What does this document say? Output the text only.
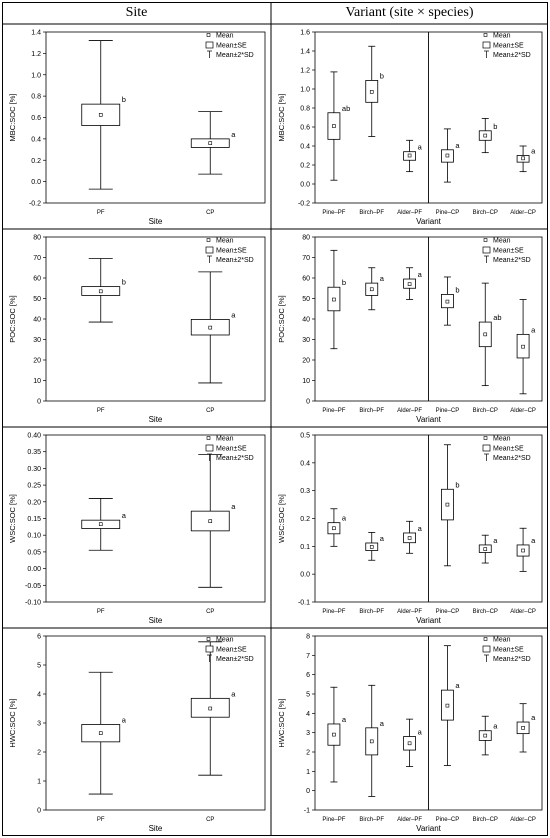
Site	Variant (site × species)
-0.2
0.0
0.2
0.4
0.6
0.8
1.0
1.2
1.4
MBC:SOC [%]	b
PF
a
CP
Site
Mean
Mean±SE
Mean±2*SD
-0.2
0.0
0.2
0.4
0.6
0.8
1.0
1.2
1.4
1.6
MBC:SOC [%]	ab
Pine–PF
b
Birch–PF
a
Alder–PF
a
Pine–CP
b
Birch–CP
a
Alder–CP
Variant
Mean
Mean±SE
Mean±2*SD
0
10
20
30
40
50
60
70
80
POC:SOC [%]
b
PF
a
CP
Site
Mean
Mean±SE
Mean±2*SD
0
10
20
30
40
50
60
70
80
POC:SOC [%]
b
Pine–PF
a
Birch–PF
a
Alder–PF
b
Pine–CP
ab
Birch–CP
a
Alder–CP
Variant
Mean
Mean±SE
Mean±2*SD
-0.10
-0.05
0.00
0.05
0.10
0.15
0.20
0.25
0.30
0.35
0.40
WSC:SOC [%]	a
PF
a
CP
Site
Mean
Mean±SE
Mean±2*SD
-0.1
0.0
0.1
0.2
0.3
0.4
0.5
WSC:SOC [%]	a
Pine–PF
a
Birch–PF
a
Alder–PF
b
Pine–CP
a
Birch–CP
a
Alder–CP
Variant
Mean
Mean±SE
Mean±2*SD
0
1
2
3
4
5
6
HWC:SOC [%]	a
PF
a
CP
Site
Mean
Mean±SE
Mean±2*SD
-1
0
1
2
3
4
5
6
7
8
HWC:SOC [%]	a
Pine–PF
a
Birch–PF
a
Alder–PF
a
Pine–CP
a
Birch–CP
a
Alder–CP
Variant
Mean
Mean±SE
Mean±2*SD
